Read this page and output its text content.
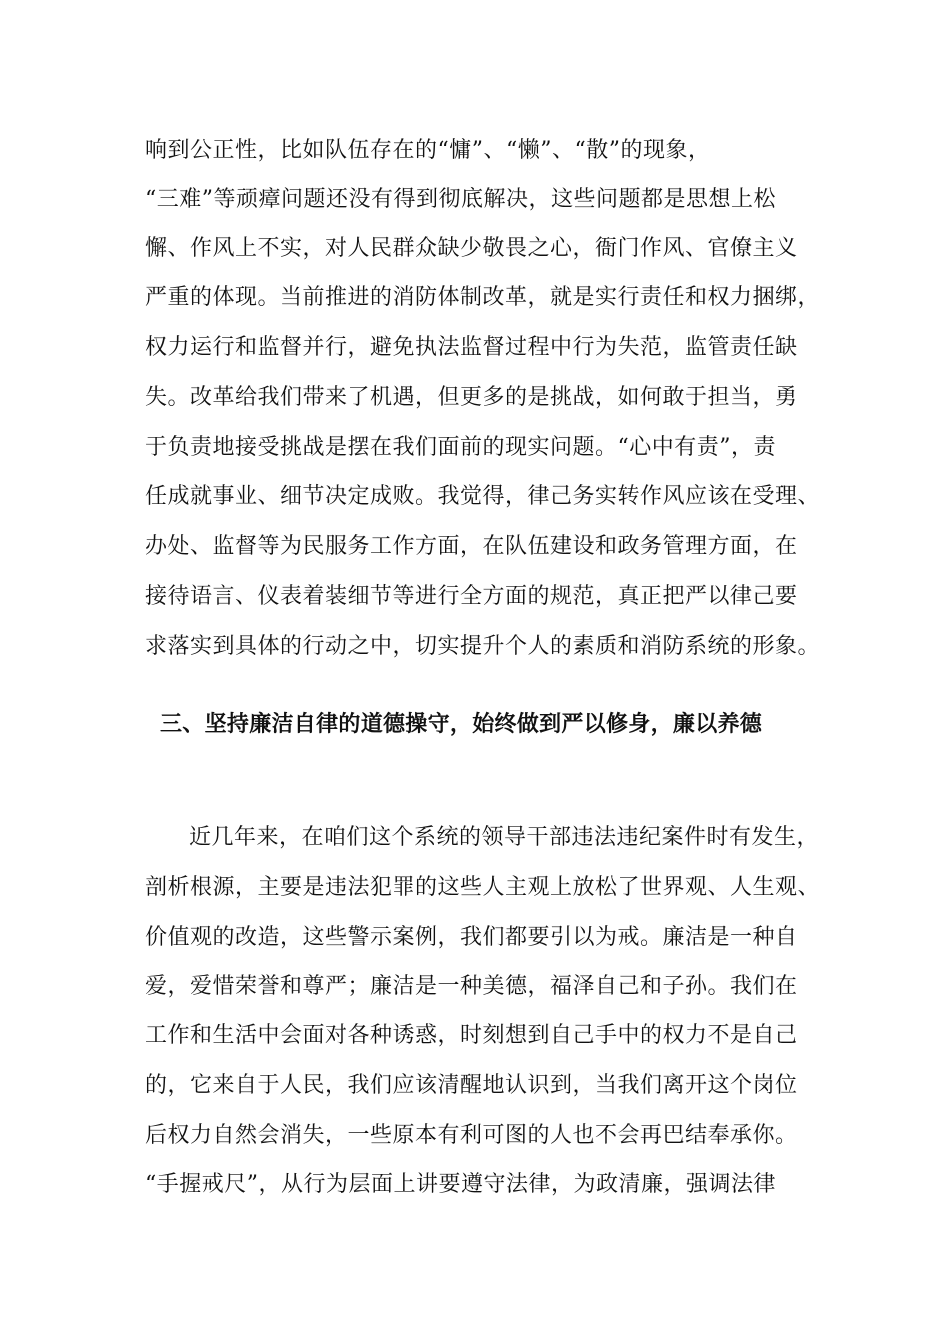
响到公正性，比如队伍存在的“慵”、“懒”、“散”的现象，
“三难”等顽瘴问题还没有得到彻底解决，这些问题都是思想上松
懈、作风上不实，对人民群众缺少敬畏之心，衙门作风、官僚主义
严重的体现。当前推进的消防体制改革，就是实行责任和权力捆绑，
权力运行和监督并行，避免执法监督过程中行为失范，监管责任缺
失。改革给我们带来了机遇，但更多的是挑战，如何敢于担当，勇
于负责地接受挑战是摆在我们面前的现实问题。“心中有责”，责
任成就事业、细节决定成败。我觉得，律己务实转作风应该在受理、
办处、监督等为民服务工作方面，在队伍建设和政务管理方面，在
接待语言、仪表着装细节等进行全方面的规范，真正把严以律己要
求落实到具体的行动之中，切实提升个人的素质和消防系统的形象。
三、坚持廉洁自律的道德操守，始终做到严以修身，廉以养德
近几年来，在咱们这个系统的领导干部违法违纪案件时有发生，
剖析根源，主要是违法犯罪的这些人主观上放松了世界观、人生观、
价值观的改造，这些警示案例，我们都要引以为戒。廉洁是一种自
爱，爱惜荣誉和尊严；廉洁是一种美德，福泽自己和子孙。我们在
工作和生活中会面对各种诱惑，时刻想到自己手中的权力不是自己
的，它来自于人民，我们应该清醒地认识到，当我们离开这个岗位
后权力自然会消失，一些原本有利可图的人也不会再巴结奉承你。
“手握戒尺”，从行为层面上讲要遵守法律，为政清廉，强调法律
